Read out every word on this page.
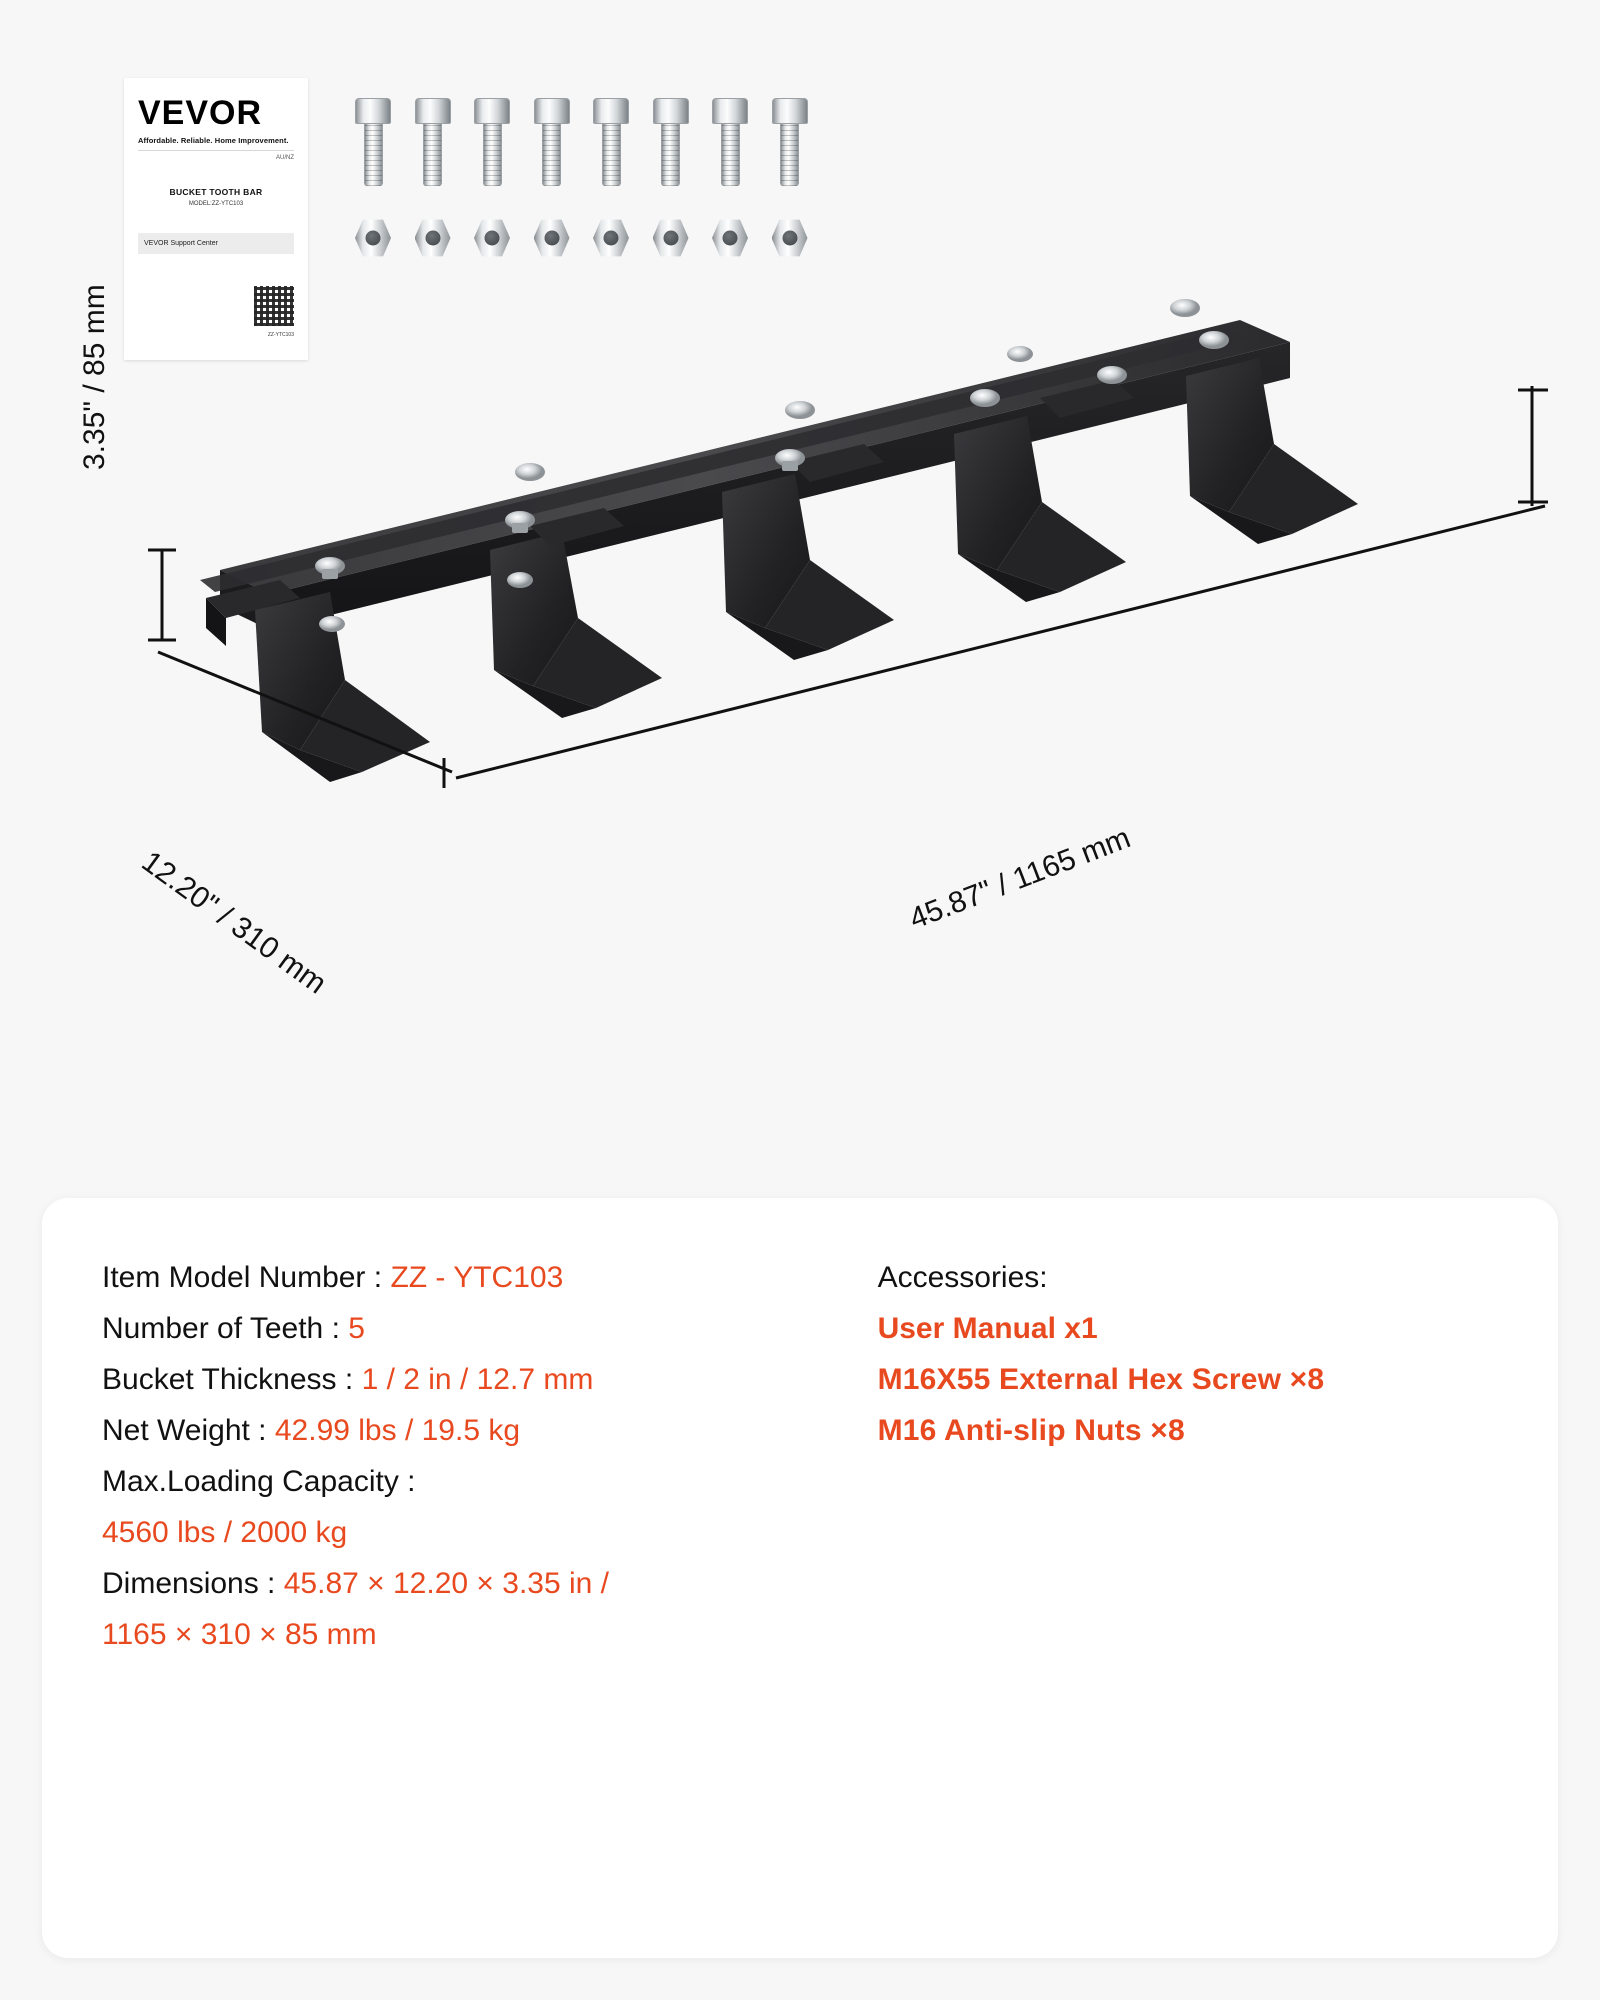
VEVOR
Affordable. Reliable. Home Improvement.
AU/NZ
BUCKET TOOTH BAR
MODEL:ZZ-YTC103
VEVOR Support Center
ZZ-YTC103
3.35" / 85 mm
12.20" / 310 mm	45.87" / 1165 mm
Item Model Number : ZZ - YTC103
Number of Teeth : 5
Bucket Thickness : 1 / 2 in / 12.7 mm
Net Weight : 42.99 lbs / 19.5 kg
Max.Loading Capacity :
4560 lbs / 2000 kg
Dimensions : 45.87 × 12.20 × 3.35 in /
1165 × 310 × 85 mm
Accessories:
User Manual x1
M16X55 External Hex Screw ×8
M16 Anti-slip Nuts ×8
